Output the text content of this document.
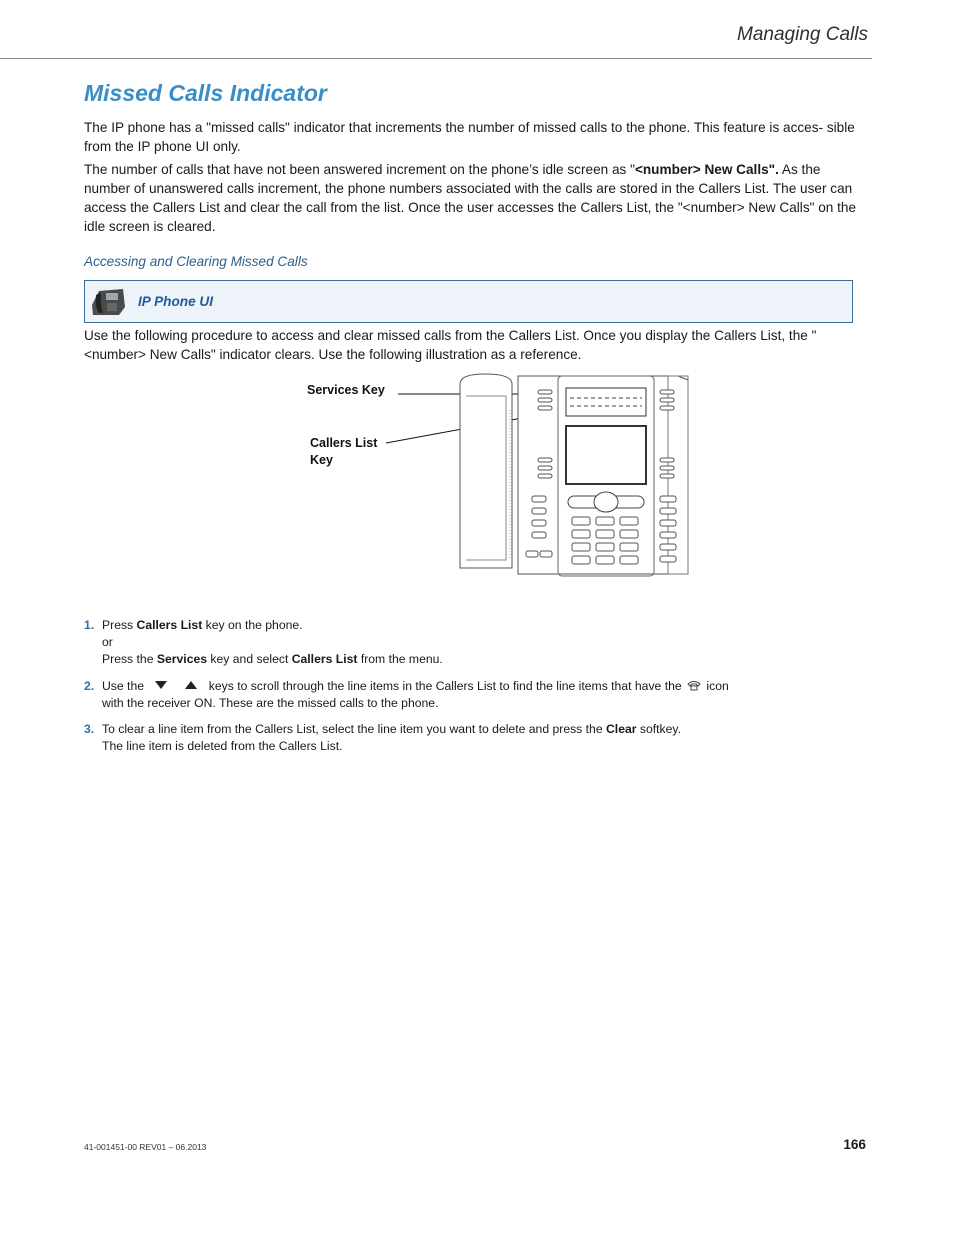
Managing Calls
Missed Calls Indicator

The IP phone has a "missed calls" indicator that increments the number of missed calls to the phone. This feature is acces- sible from the IP phone UI only.

The number of calls that have not been answered increment on the phone’s idle screen as "<number> New Calls". As the number of unanswered calls increment, the phone numbers associated with the calls are stored in the Callers List. The user can access the Callers List and clear the call from the list. Once the user accesses the Callers List, the "<number> New Calls" on the idle screen is cleared.

Accessing and Clearing Missed Calls

IP Phone UI

Use the following procedure to access and clear missed calls from the Callers List. Once you display the Callers List, the "<number> New Calls" indicator clears. Use the following illustration as a reference.

Services Key
Callers List
Key
1. Press Callers List key on the phone.
or
Press the Services key and select Callers List from the menu.
2. Use the	keys to scroll through the line items in the Callers List to find the line items that have the icon
with the receiver ON. These are the missed calls to the phone.
3. To clear a line item from the Callers List, select the line item you want to delete and press the Clear softkey.
The line item is deleted from the Callers List.
41-001451-00 REV01 – 06.2013	166
